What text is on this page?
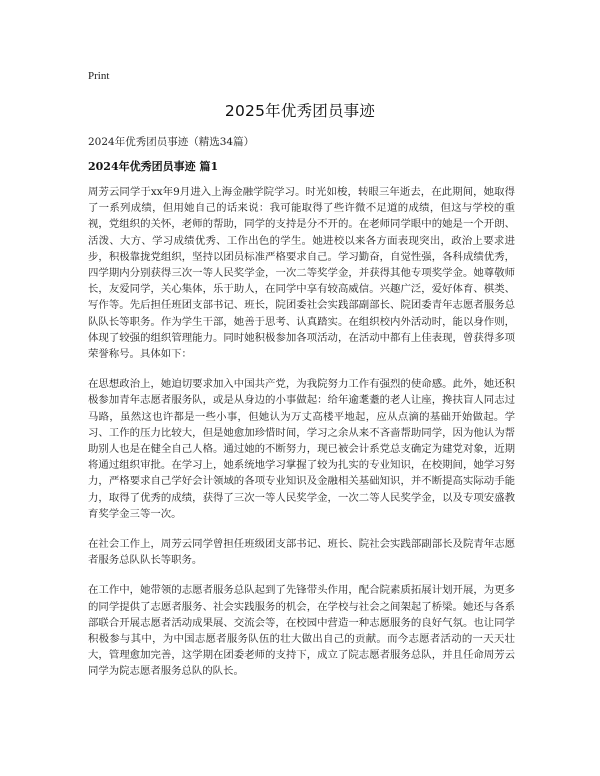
Print
2025年优秀团员事迹
2024年优秀团员事迹（精选34篇）
2024年优秀团员事迹 篇1

周芳云同学于xx年9月进入上海金融学院学习。时光如梭，转眼三年逝去，在此期间，她取得了一系列成绩，但用她自己的话来说：我可能取得了些许微不足道的成绩，但这与学校的重视，党组织的关怀，老师的帮助，同学的支持是分不开的。在老师同学眼中的她是一个开朗、活泼、大方、学习成绩优秀、工作出色的学生。她进校以来各方面表现突出，政治上要求进步，积极靠拢党组织，坚持以团员标准严格要求自己。学习勤奋，自觉性强，各科成绩优秀，四学期内分别获得三次一等人民奖学金，一次二等奖学金，并获得其他专项奖学金。她尊敬师长，友爱同学，关心集体，乐于助人，在同学中享有较高威信。兴趣广泛，爱好体育、棋类、写作等。先后担任班团支部书记、班长，院团委社会实践部副部长、院团委青年志愿者服务总队队长等职务。作为学生干部，她善于思考、认真踏实。在组织校内外活动时，能以身作则，体现了较强的组织管理能力。同时她积极参加各项活动，在活动中都有上佳表现，曾获得多项荣誉称号。具体如下：

在思想政治上，她迫切要求加入中国共产党，为我院努力工作有强烈的使命感。此外，她还积极参加青年志愿者服务队，或是从身边的小事做起：给年逾耄耋的老人让座，搀扶盲人同志过马路，虽然这也许都是一些小事，但她认为万丈高楼平地起，应从点滴的基础开始做起。学习、工作的压力比较大，但是她愈加珍惜时间，学习之余从来不吝啬帮助同学，因为他认为帮助别人也是在健全自己人格。通过她的不断努力，现已被会计系党总支确定为建党对象，近期将通过组织审批。在学习上，她系统地学习掌握了较为扎实的专业知识，在校期间，她学习努力，严格要求自己学好会计领域的各项专业知识及金融相关基础知识，并不断提高实际动手能力，取得了优秀的成绩，获得了三次一等人民奖学金，一次二等人民奖学金，以及专项安盛教育奖学金三等一次。

在社会工作上，周芳云同学曾担任班级团支部书记、班长、院社会实践部副部长及院青年志愿者服务总队队长等职务。

在工作中，她带领的志愿者服务总队起到了先锋带头作用，配合院素质拓展计划开展，为更多的同学提供了志愿者服务、社会实践服务的机会，在学校与社会之间架起了桥梁。她还与各系部联合开展志愿者活动成果展、交流会等，在校园中营造一种志愿服务的良好气氛。也让同学积极参与其中，为中国志愿者服务队伍的壮大做出自己的贡献。而今志愿者活动的一天天壮大，管理愈加完善，这学期在团委老师的支持下，成立了院志愿者服务总队，并且任命周芳云同学为院志愿者服务总队的队长。
